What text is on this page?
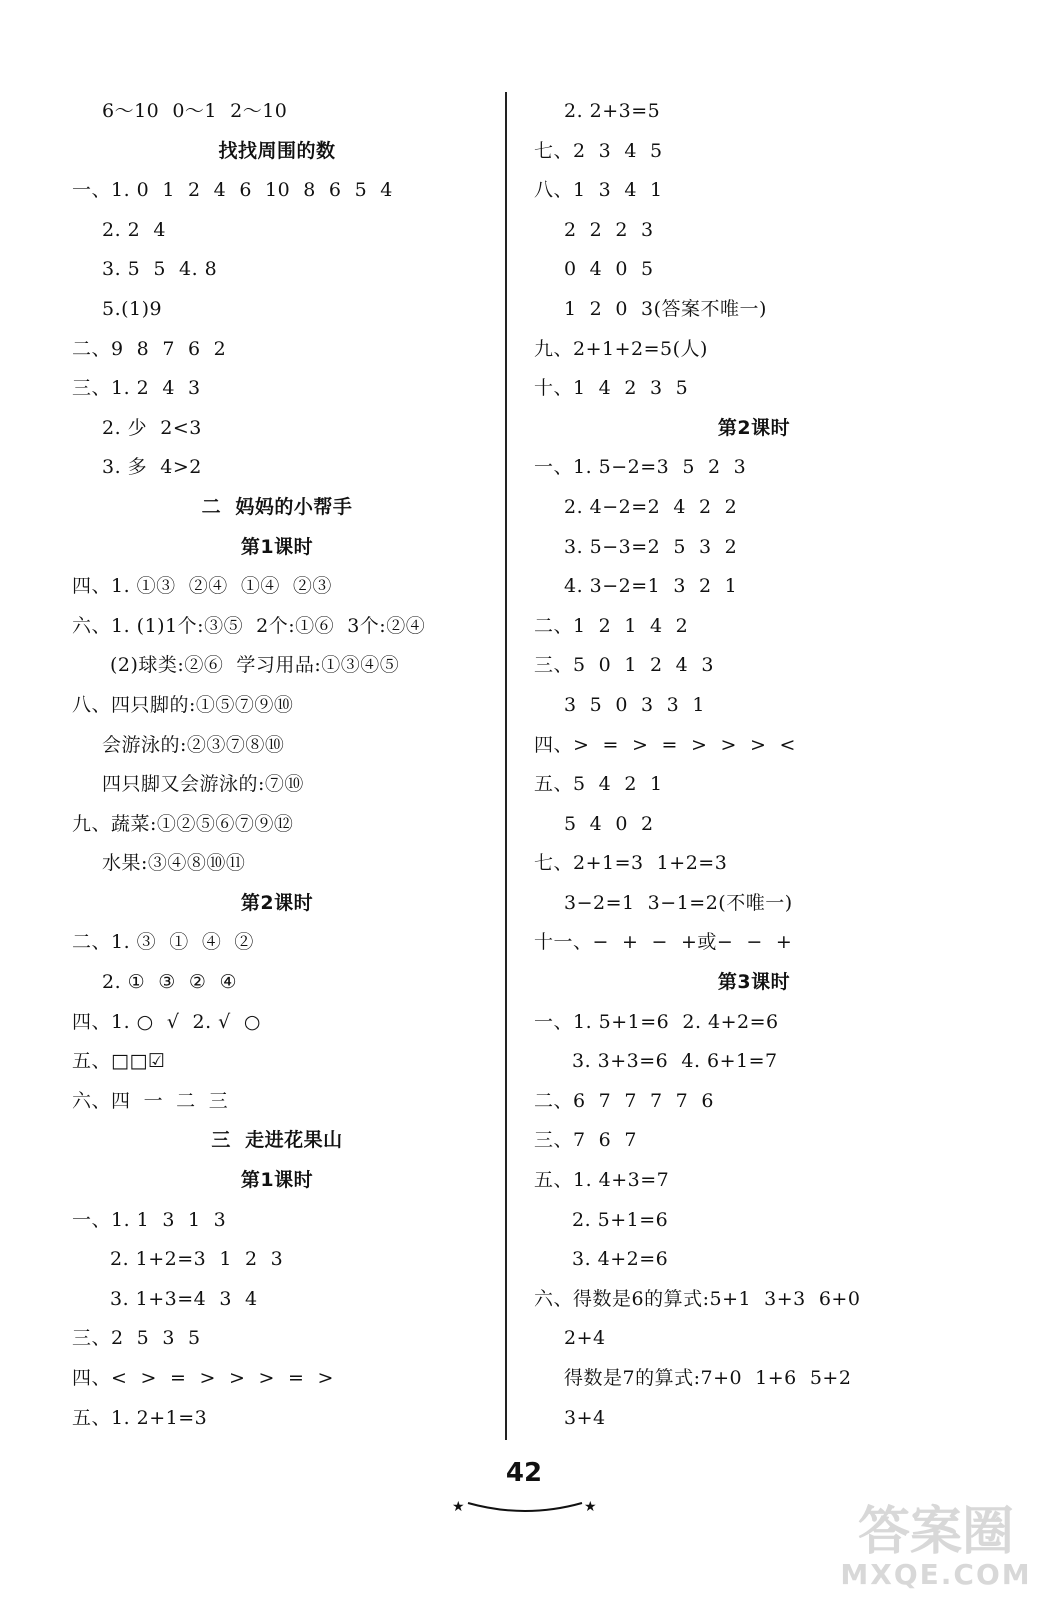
6～10  0～1  2～10
找找周围的数
一、1. 0  1  2  4  6  10  8  6  5  4
2. 2  4
3. 5  5  4. 8
5.(1)9
二、9  8  7  6  2
三、1. 2  4  3
2. 少  2<3
3. 多  4>2
二  妈妈的小帮手
第1课时
四、1. ①③  ②④  ①④  ②③
六、1. (1)1个:③⑤  2个:①⑥  3个:②④
(2)球类:②⑥  学习用品:①③④⑤
八、四只脚的:①⑤⑦⑨⑩
会游泳的:②③⑦⑧⑩
四只脚又会游泳的:⑦⑩
九、蔬菜:①②⑤⑥⑦⑨⑫
水果:③④⑧⑩⑪
第2课时
二、1. ③  ①  ④  ②
2. ①  ③  ②  ④
四、1. ○  √  2. √  ○
五、□□☑
六、四  一  二  三
三  走进花果山
第1课时
一、1. 1  3  1  3
2. 1+2=3  1  2  3
3. 1+3=4  3  4
三、2  5  3  5
四、<  >  =  >  >  >  =  >
五、1. 2+1=3
2. 2+3=5
七、2  3  4  5
八、1  3  4  1
2  2  2  3
0  4  0  5
1  2  0  3(答案不唯一)
九、2+1+2=5(人)
十、1  4  2  3  5
第2课时
一、1. 5−2=3  5  2  3
2. 4−2=2  4  2  2
3. 5−3=2  5  3  2
4. 3−2=1  3  2  1
二、1  2  1  4  2
三、5  0  1  2  4  3
3  5  0  3  3  1
四、>  =  >  =  >  >  >  <
五、5  4  2  1
5  4  0  2
七、2+1=3  1+2=3
3−2=1  3−1=2(不唯一)
十一、−  +  −  +或−  −  +
第3课时
一、1. 5+1=6  2. 4+2=6
3. 3+3=6  4. 6+1=7
二、6  7  7  7  7  6
三、7  6  7
五、1. 4+3=7
2. 5+1=6
3. 4+2=6
六、得数是6的算式:5+1  3+3  6+0
2+4
得数是7的算式:7+0  1+6  5+2
3+4
42
★	★	答案圈
MXQE.COM
